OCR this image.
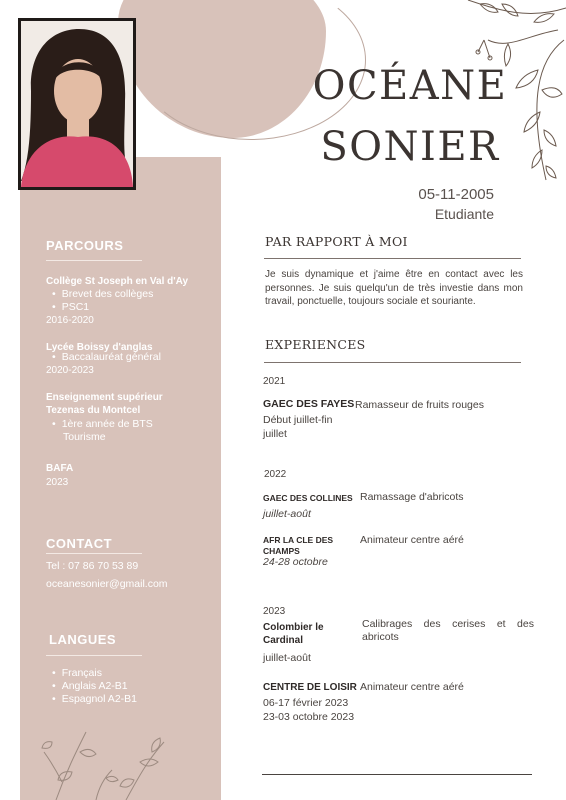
OCÉANE
SONIER
05-11-2005
Etudiante
PARCOURS
Collège St Joseph en Val d'Ay
• Brevet des collèges
• PSC1
2016-2020
Lycée Boissy d'anglas
• Baccalauréat général
2020-2023
Enseignement supérieur
Tezenas du Montcel
• 1ère année de BTS
Tourisme
BAFA
2023
CONTACT
Tel : 07 86 70 53 89
oceanesonier@gmail.com
LANGUES
• Français
• Anglais A2-B1
• Espagnol A2-B1
PAR RAPPORT À MOI
Je suis dynamique et j'aime être en contact avec les personnes. Je suis quelqu'un de très investie dans mon travail, ponctuelle, toujours sociale et souriante.
EXPERIENCES
2021
GAEC DES FAYES Ramasseur de fruits rouges
Début juillet-fin
juillet
2022
GAEC DES COLLINES Ramassage d'abricots
juillet-août
AFR LA CLE DES
CHAMPS
Animateur centre aéré
24-28 octobre
2023
Colombier le
Cardinal
Calibrages des cerises et des
abricots
juillet-août
CENTRE DE LOISIR Animateur centre aéré
06-17 février 2023
23-03 octobre 2023
